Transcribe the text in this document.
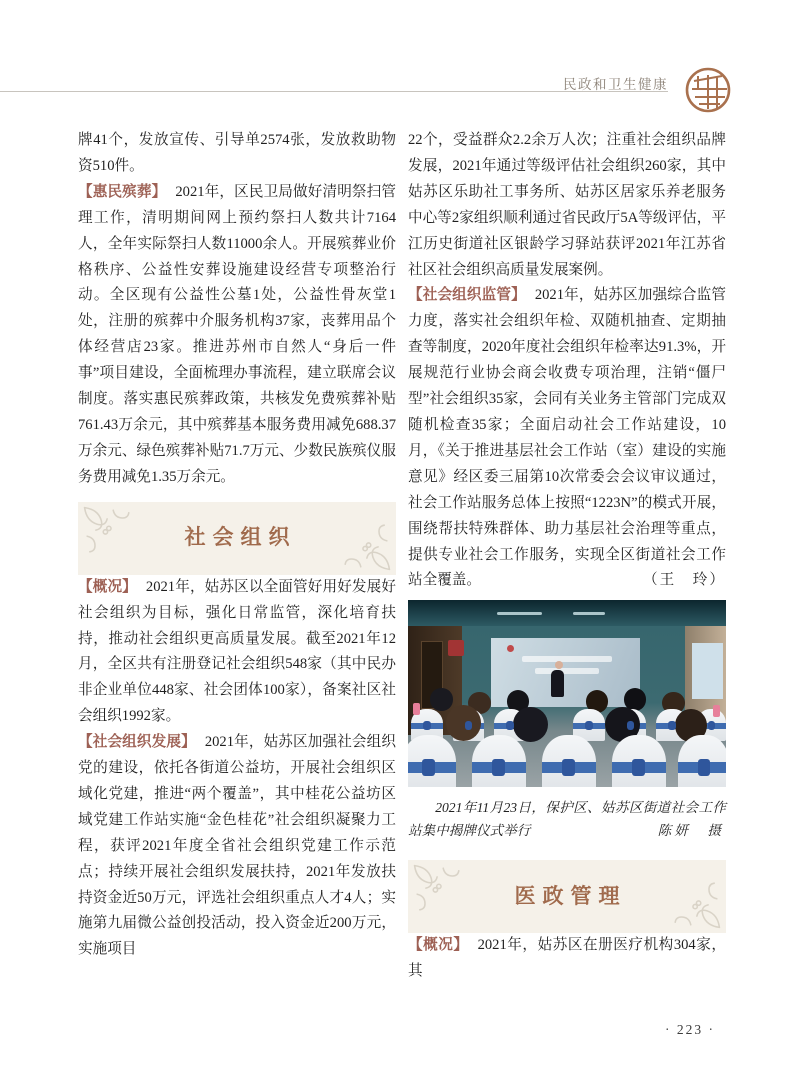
民政和卫生健康

牌41个，发放宣传、引导单2574张，发放救助物资510件。

【惠民殡葬】 2021年，区民卫局做好清明祭扫管理工作，清明期间网上预约祭扫人数共计7164人，全年实际祭扫人数11000余人。开展殡葬业价格秩序、公益性安葬设施建设经营专项整治行动。全区现有公益性公墓1处，公益性骨灰堂1处，注册的殡葬中介服务机构37家，丧葬用品个体经营店23家。推进苏州市自然人“身后一件事”项目建设，全面梳理办事流程，建立联席会议制度。落实惠民殡葬政策，共核发免费殡葬补贴761.43万余元，其中殡葬基本服务费用减免688.37万余元、绿色殡葬补贴71.7万元、少数民族殡仪服务费用减免1.35万余元。

社会组织

【概况】 2021年，姑苏区以全面管好用好发展好社会组织为目标，强化日常监管，深化培育扶持，推动社会组织更高质量发展。截至2021年12月，全区共有注册登记社会组织548家（其中民办非企业单位448家、社会团体100家），备案社区社会组织1992家。

【社会组织发展】 2021年，姑苏区加强社会组织党的建设，依托各街道公益坊，开展社会组织区域化党建，推进“两个覆盖”，其中桂花公益坊区域党建工作站实施“金色桂花”社会组织凝聚力工程，获评2021年度全省社会组织党建工作示范点；持续开展社会组织发展扶持，2021年发放扶持资金近50万元，评选社会组织重点人才4人；实施第九届微公益创投活动，投入资金近200万元，实施项目

22个，受益群众2.2余万人次；注重社会组织品牌发展，2021年通过等级评估社会组织260家，其中姑苏区乐助社工事务所、姑苏区居家乐养老服务中心等2家组织顺利通过省民政厅5A等级评估，平江历史街道社区银龄学习驿站获评2021年江苏省社区社会组织高质量发展案例。

【社会组织监管】 2021年，姑苏区加强综合监管力度，落实社会组织年检、双随机抽查、定期抽查等制度，2020年度社会组织年检率达91.3%，开展规范行业协会商会收费专项治理，注销“僵尸型”社会组织35家，会同有关业务主管部门完成双随机检查35家；全面启动社会工作站建设，10月，《关于推进基层社会工作站（室）建设的实施意见》经区委三届第10次常委会会议审议通过，社会工作站服务总体上按照“1223N”的模式开展，围绕帮扶特殊群体、助力基层社会治理等重点，提供专业社会工作服务，实现全区街道社会工作站全覆盖。	（王　玲）

2021年11月23日，保护区、姑苏区街道社会工作站集中揭牌仪式举行	陈妍　摄
医政管理

【概况】 2021年，姑苏区在册医疗机构304家，其

· 223 ·
